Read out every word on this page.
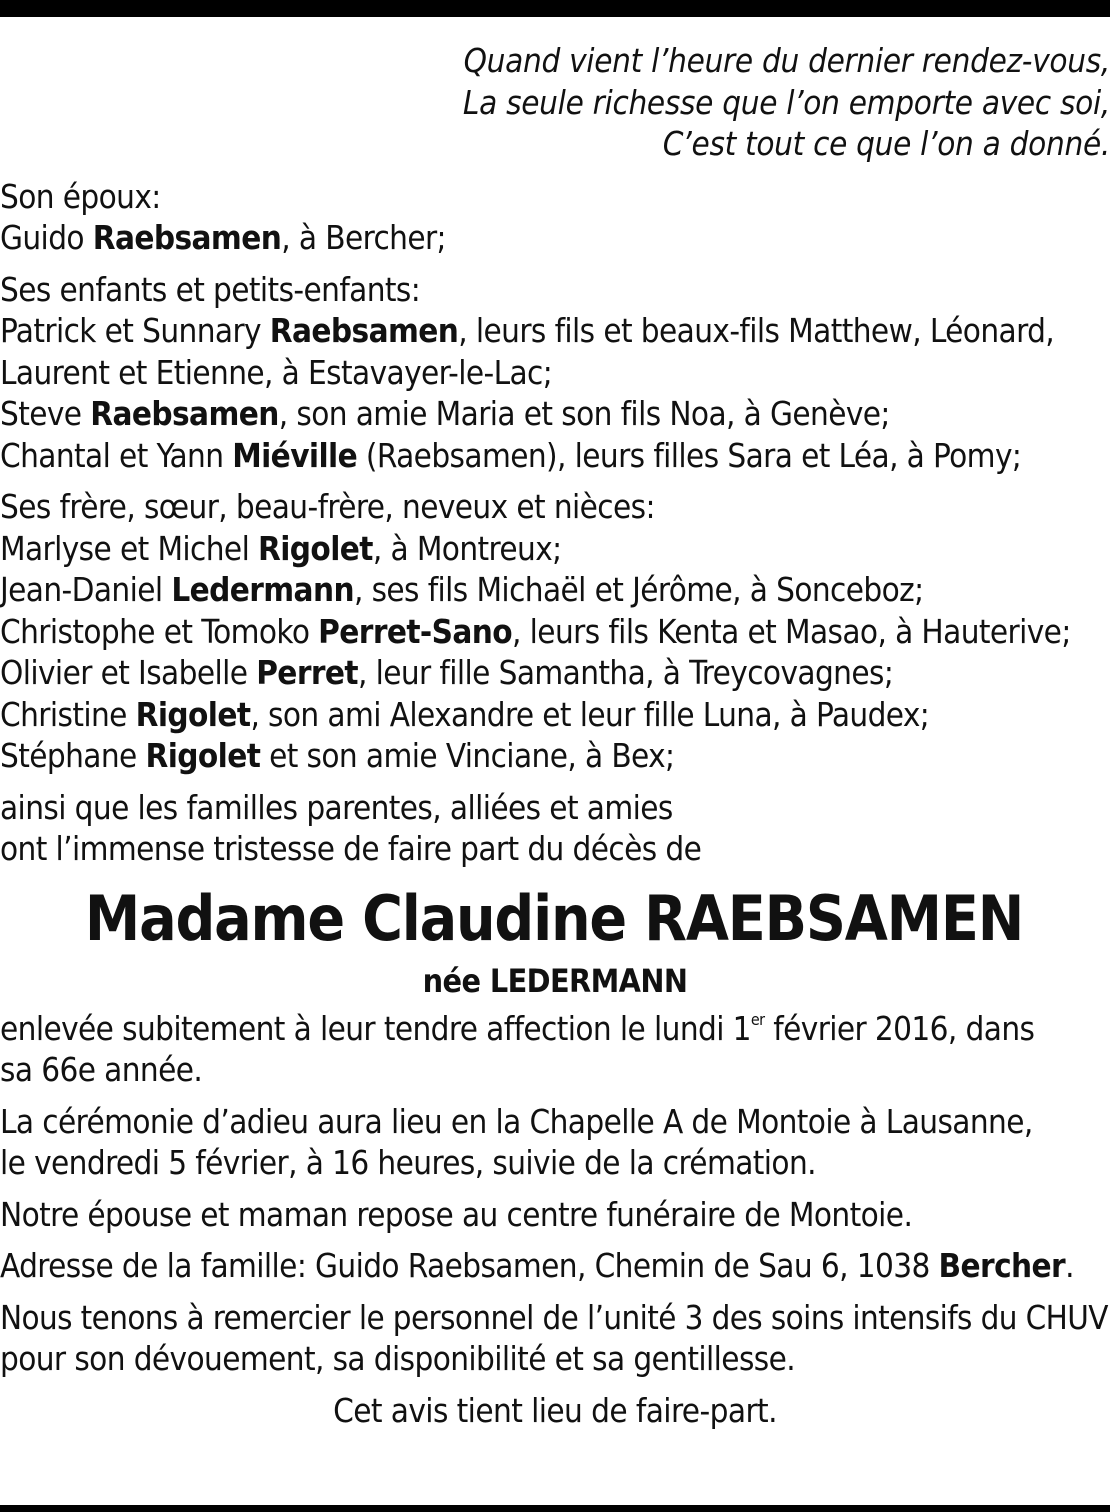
Quand vient l’heure du dernier rendez-vous,
La seule richesse que l’on emporte avec soi,
C’est tout ce que l’on a donné.
Son époux:
Guido Raebsamen, à Bercher;
Ses enfants et petits-enfants:
Patrick et Sunnary Raebsamen, leurs fils et beaux-fils Matthew, Léonard,
Laurent et Etienne, à Estavayer-le-Lac;
Steve Raebsamen, son amie Maria et son fils Noa, à Genève;
Chantal et Yann Miéville (Raebsamen), leurs filles Sara et Léa, à Pomy;
Ses frère, sœur, beau-frère, neveux et nièces:
Marlyse et Michel Rigolet, à Montreux;
Jean-Daniel Ledermann, ses fils Michaël et Jérôme, à Sonceboz;
Christophe et Tomoko Perret-Sano, leurs fils Kenta et Masao, à Hauterive;
Olivier et Isabelle Perret, leur fille Samantha, à Treycovagnes;
Christine Rigolet, son ami Alexandre et leur fille Luna, à Paudex;
Stéphane Rigolet et son amie Vinciane, à Bex;
ainsi que les familles parentes, alliées et amies
ont l’immense tristesse de faire part du décès de
Madame Claudine RAEBSAMEN
née LEDERMANN
enlevée subitement à leur tendre affection le lundi 1er février 2016, dans
sa 66e année.
La cérémonie d’adieu aura lieu en la Chapelle A de Montoie à Lausanne,
le vendredi 5 février, à 16 heures, suivie de la crémation.
Notre épouse et maman repose au centre funéraire de Montoie.
Adresse de la famille: Guido Raebsamen, Chemin de Sau 6, 1038 Bercher.
Nous tenons à remercier le personnel de l’unité 3 des soins intensifs du CHUV
pour son dévouement, sa disponibilité et sa gentillesse.
Cet avis tient lieu de faire-part.
